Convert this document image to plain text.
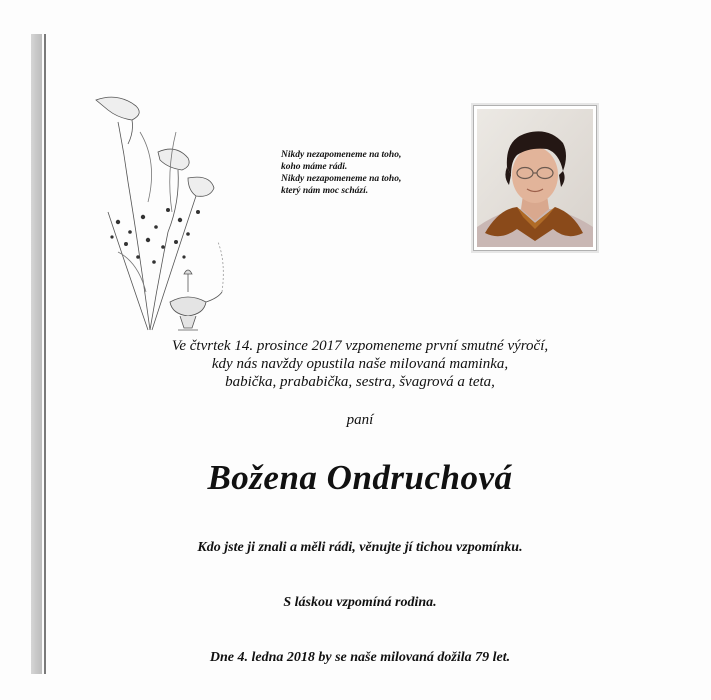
Nikdy nezapomeneme na toho,
koho máme rádi.
Nikdy nezapomeneme na toho,
který nám moc schází.
Ve čtvrtek 14. prosince 2017 vzpomeneme první smutné výročí,
kdy nás navždy opustila naše milovaná maminka,
babička, prababička, sestra, švagrová a teta,
paní
Božena Ondruchová
Kdo jste ji znali a měli rádi, věnujte jí tichou vzpomínku.
S láskou vzpomíná rodina.
Dne 4. ledna 2018 by se naše milovaná dožila 79 let.
